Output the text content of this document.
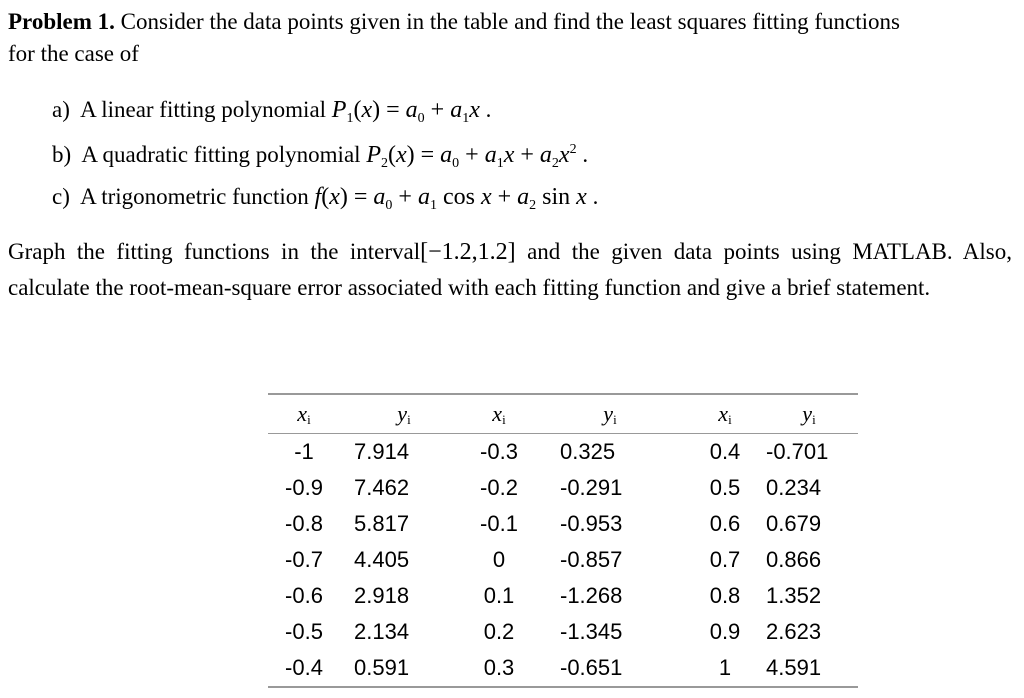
Problem 1. Consider the data points given in the table and find the least squares fitting functions
for the case of
a) A linear fitting polynomial $P_1(x) = a_0 + a_1x$ .
b) A quadratic fitting polynomial $P_2(x) = a_0 + a_1x + a_2x^2$ .
c) A trigonometric function $f(x) = a_0 + a_1$ $\cos x + a_2$ sin x .
Graph the fitting functions in the interval[−1.2,1.2] and the given data points using MATLAB. Also, calculate the root-mean-square error associated with each fitting function and give a brief statement.
xi	yi	xi	yi	xi	yi
-1	7.914	-0.3	0.325	0.4	-0.701
-0.9	7.462	-0.2	-0.291	0.5	0.234
-0.8	5.817	-0.1	-0.953	0.6	0.679
-0.7	4.405	0	-0.857	0.7	0.866
-0.6	2.918	0.1	-1.268	0.8	1.352
-0.5	2.134	0.2	-1.345	0.9	2.623
-0.4	0.591	0.3	-0.651	1	4.591
